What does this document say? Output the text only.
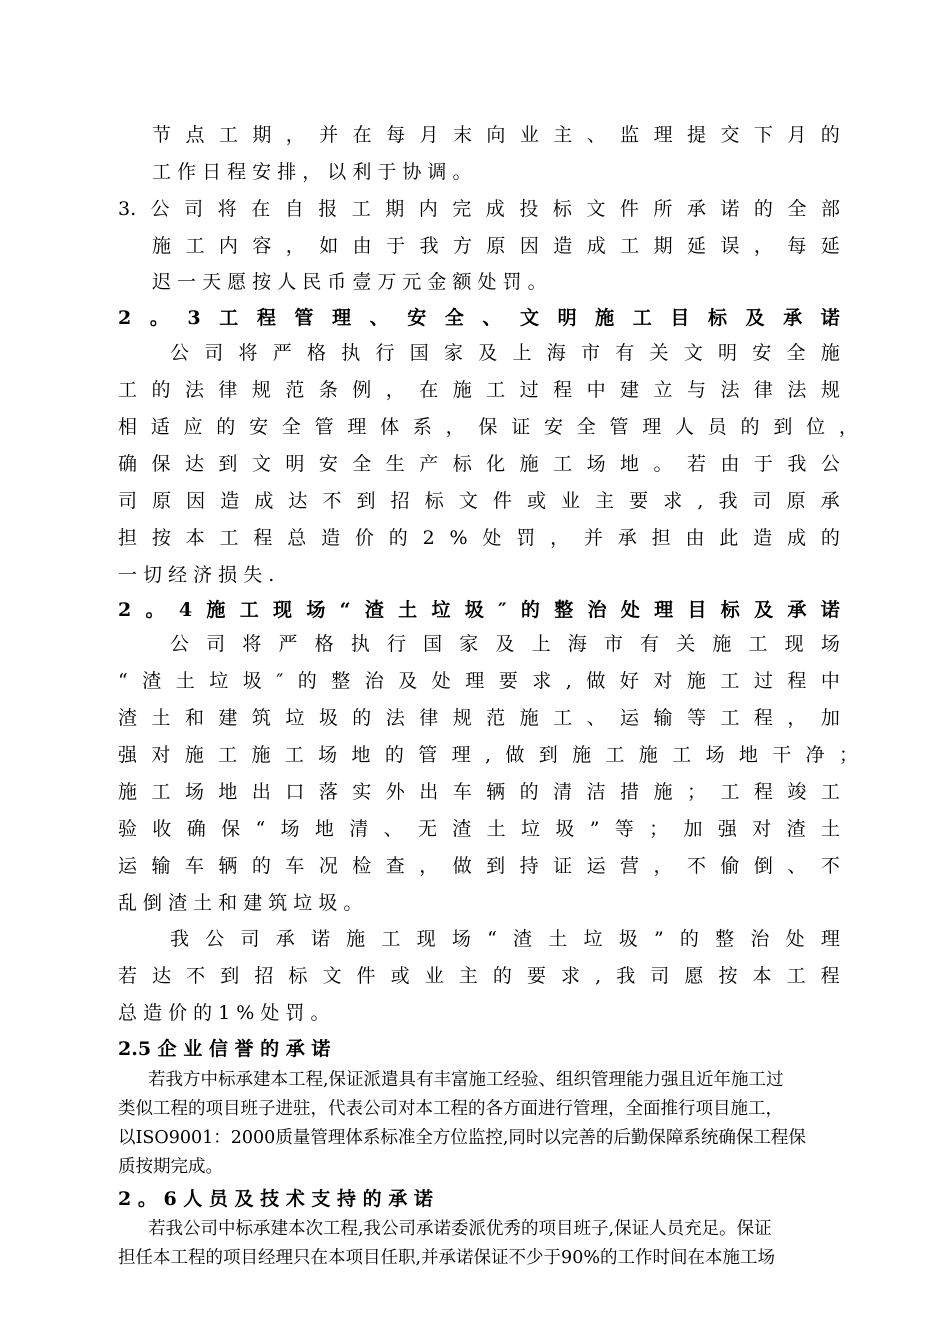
节 点 工 期 ， 并 在 每 月 末 向 业 主 、 监 理 提 交 下 月 的
工 作 日 程 安 排 ， 以 利 于 协 调 。
3. 公 司 将 在 自 报 工 期 内 完 成 投 标 文 件 所 承 诺 的 全 部
施 工 内 容 ， 如 由 于 我 方 原 因 造 成 工 期 延 误 ， 每 延
迟 一 天 愿 按 人 民 币 壹 万 元 金 额 处 罚 。
2 。 3 工 程 管 理 、 安 全 、 文 明 施 工 目 标 及 承 诺
公 司 将 严 格 执 行 国 家 及 上 海 市 有 关 文 明 安 全 施
工 的 法 律 规 范 条 例 ， 在 施 工 过 程 中 建 立 与 法 律 法 规
相 适 应 的 安 全 管 理 体 系 ， 保 证 安 全 管 理 人 员 的 到 位 ，
确 保 达 到 文 明 安 全 生 产 标 化 施 工 场 地 。 若 由 于 我 公
司 原 因 造 成 达 不 到 招 标 文 件 或 业 主 要 求 , 我 司 原 承
担 按 本 工 程 总 造 价 的 2 % 处 罚 ， 并 承 担 由 此 造 成 的
一 切 经 济 损 失 .
2 。 4 施 工 现 场 “ 渣 土 垃 圾 ″ 的 整 治 处 理 目 标 及 承 诺
公 司 将 严 格 执 行 国 家 及 上 海 市 有 关 施 工 现 场
“ 渣 土 垃 圾 ″ 的 整 治 及 处 理 要 求 , 做 好 对 施 工 过 程 中
渣 土 和 建 筑 垃 圾 的 法 律 规 范 施 工 、 运 输 等 工 程 ， 加
强 对 施 工 施 工 场 地 的 管 理 , 做 到 施 工 施 工 场 地 干 净 ；
施 工 场 地 出 口 落 实 外 出 车 辆 的 清 洁 措 施 ； 工 程 竣 工
验 收 确 保 “ 场 地 清 、 无 渣 土 垃 圾 ” 等 ； 加 强 对 渣 土
运 输 车 辆 的 车 况 检 查 ， 做 到 持 证 运 营 ， 不 偷 倒 、 不
乱 倒 渣 土 和 建 筑 垃 圾 。
我 公 司 承 诺 施 工 现 场 “ 渣 土 垃 圾 ” 的 整 治 处 理
若 达 不 到 招 标 文 件 或 业 主 的 要 求 , 我 司 愿 按 本 工 程
总 造 价 的 1 % 处 罚 。
2.5 企 业 信 誉 的 承 诺
若我方中标承建本工程,保证派遣具有丰富施工经验、组织管理能力强且近年施工过
类似工程的项目班子进驻，代表公司对本工程的各方面进行管理，全面推行项目施工，
以ISO9001：2000质量管理体系标准全方位监控,同时以完善的后勤保障系统确保工程保
质按期完成。
2 。 6 人 员 及 技 术 支 持 的 承 诺
若我公司中标承建本次工程,我公司承诺委派优秀的项目班子,保证人员充足。保证
担任本工程的项目经理只在本项目任职,并承诺保证不少于90%的工作时间在本施工场
